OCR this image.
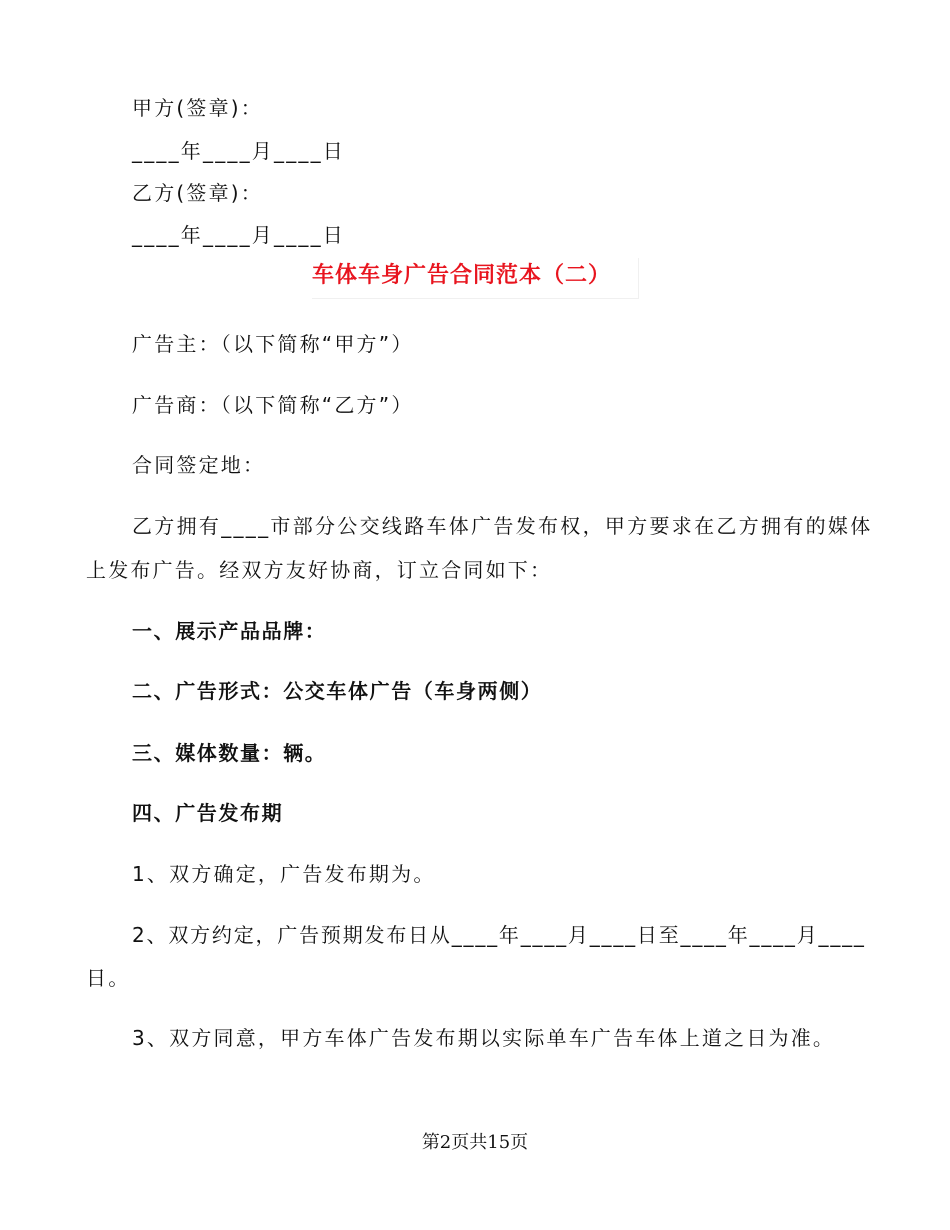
甲方(签章)：
____年____月____日
乙方(签章)：
____年____月____日
车体车身广告合同范本（二）
广告主：（以下简称“甲方”）
广告商：（以下简称“乙方”）
合同签定地：
乙方拥有____市部分公交线路车体广告发布权，甲方要求在乙方拥有的媒体
上发布广告。经双方友好协商，订立合同如下：
一、展示产品品牌：
二、广告形式：公交车体广告（车身两侧）
三、媒体数量：辆。
四、广告发布期
1、双方确定，广告发布期为。
2、双方约定，广告预期发布日从____年____月____日至____年____月____
日。
3、双方同意，甲方车体广告发布期以实际单车广告车体上道之日为准。
第2页共15页
